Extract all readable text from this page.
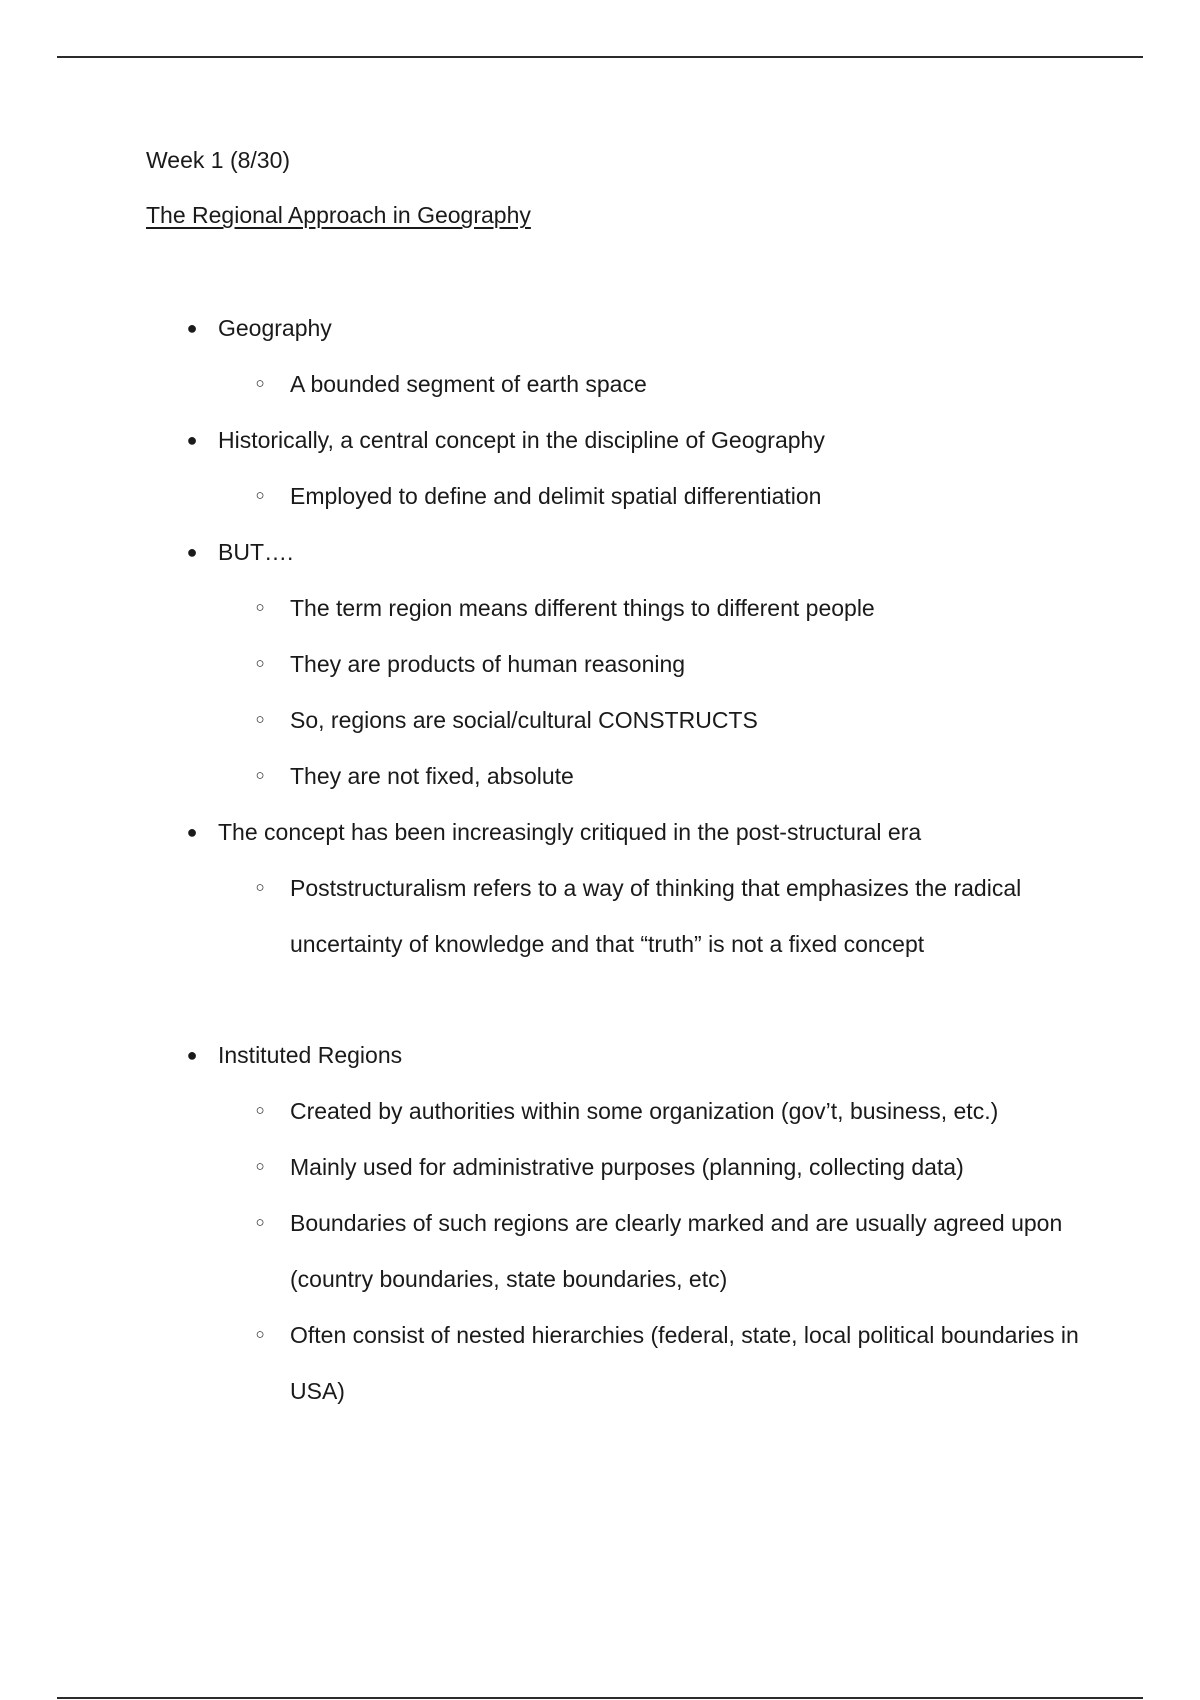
Week 1 (8/30)
The Regional Approach in Geography
● Geography
○ A bounded segment of earth space
● Historically, a central concept in the discipline of Geography
○ Employed to define and delimit spatial differentiation
● BUT….
○ The term region means different things to different people
○ They are products of human reasoning
○ So, regions are social/cultural CONSTRUCTS
○ They are not fixed, absolute
● The concept has been increasingly critiqued in the post-structural era
○ Poststructuralism refers to a way of thinking that emphasizes the radical uncertainty of knowledge and that “truth” is not a fixed concept
● Instituted Regions
○ Created by authorities within some organization (gov’t, business, etc.)
○ Mainly used for administrative purposes (planning, collecting data)
○ Boundaries of such regions are clearly marked and are usually agreed upon (country boundaries, state boundaries, etc)
○ Often consist of nested hierarchies (federal, state, local political boundaries in USA)
